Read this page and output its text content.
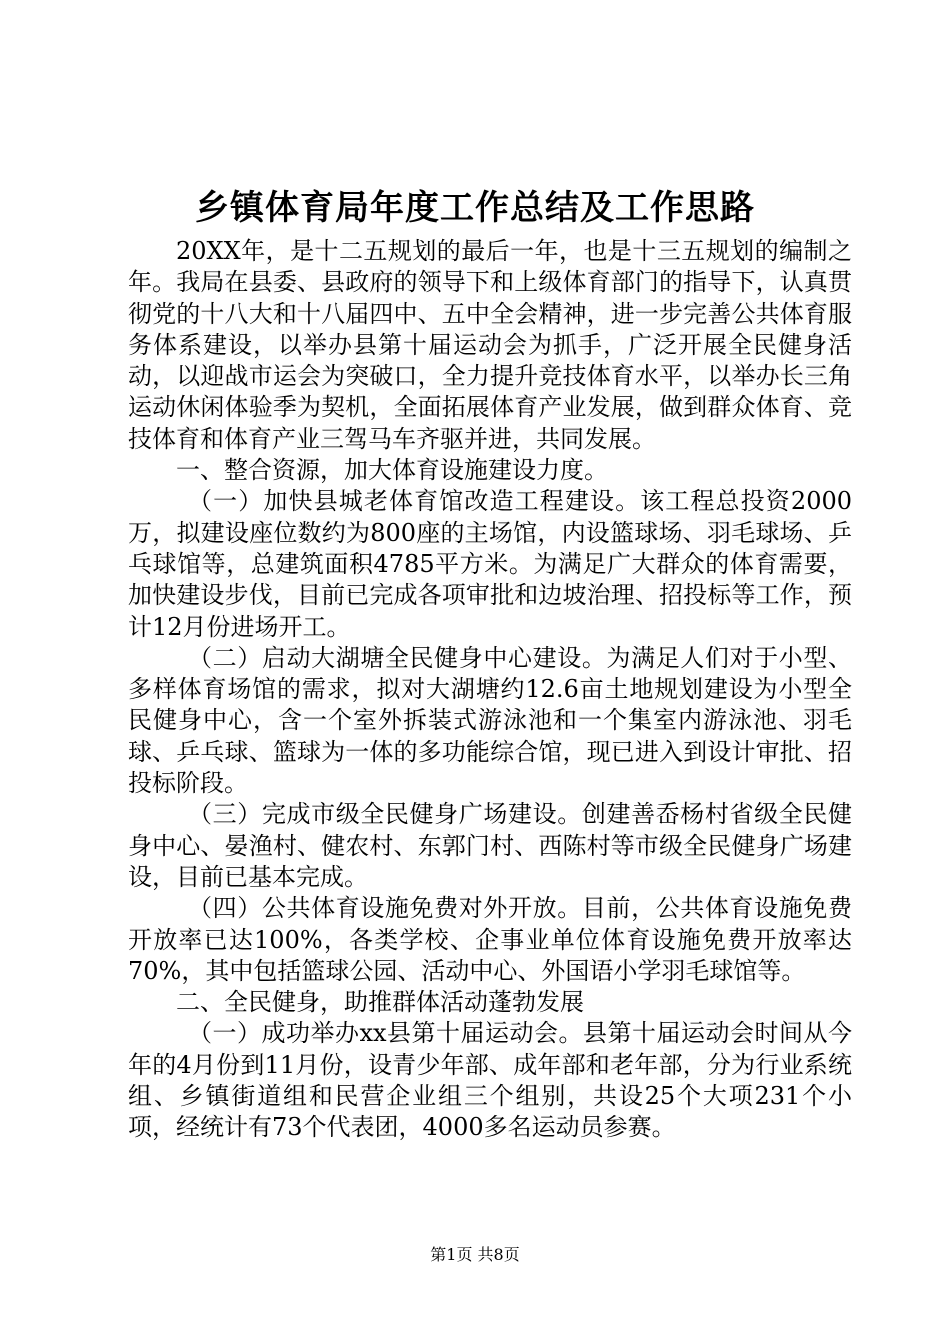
乡镇体育局年度工作总结及工作思路

20XX年，是十二五规划的最后一年，也是十三五规划的编制之年。我局在县委、县政府的领导下和上级体育部门的指导下，认真贯彻党的十八大和十八届四中、五中全会精神，进一步完善公共体育服务体系建设，以举办县第十届运动会为抓手，广泛开展全民健身活动，以迎战市运会为突破口，全力提升竞技体育水平，以举办长三角运动休闲体验季为契机，全面拓展体育产业发展，做到群众体育、竞技体育和体育产业三驾马车齐驱并进，共同发展。

一、整合资源，加大体育设施建设力度。

（一）加快县城老体育馆改造工程建设。该工程总投资2000万，拟建设座位数约为800座的主场馆，内设篮球场、羽毛球场、乒乓球馆等，总建筑面积4785平方米。为满足广大群众的体育需要，加快建设步伐，目前已完成各项审批和边坡治理、招投标等工作，预计12月份进场开工。

（二）启动大湖塘全民健身中心建设。为满足人们对于小型、多样体育场馆的需求，拟对大湖塘约12.6亩土地规划建设为小型全民健身中心，含一个室外拆装式游泳池和一个集室内游泳池、羽毛球、乒乓球、篮球为一体的多功能综合馆，现已进入到设计审批、招投标阶段。

（三）完成市级全民健身广场建设。创建善岙杨村省级全民健身中心、晏渔村、健农村、东郭门村、西陈村等市级全民健身广场建设，目前已基本完成。

（四）公共体育设施免费对外开放。目前，公共体育设施免费开放率已达100%，各类学校、企事业单位体育设施免费开放率达70%，其中包括篮球公园、活动中心、外国语小学羽毛球馆等。

二、全民健身，助推群体活动蓬勃发展

（一）成功举办xx县第十届运动会。县第十届运动会时间从今年的4月份到11月份，设青少年部、成年部和老年部，分为行业系统组、乡镇街道组和民营企业组三个组别，共设25个大项231个小项，经统计有73个代表团，4000多名运动员参赛。

第1页 共8页
